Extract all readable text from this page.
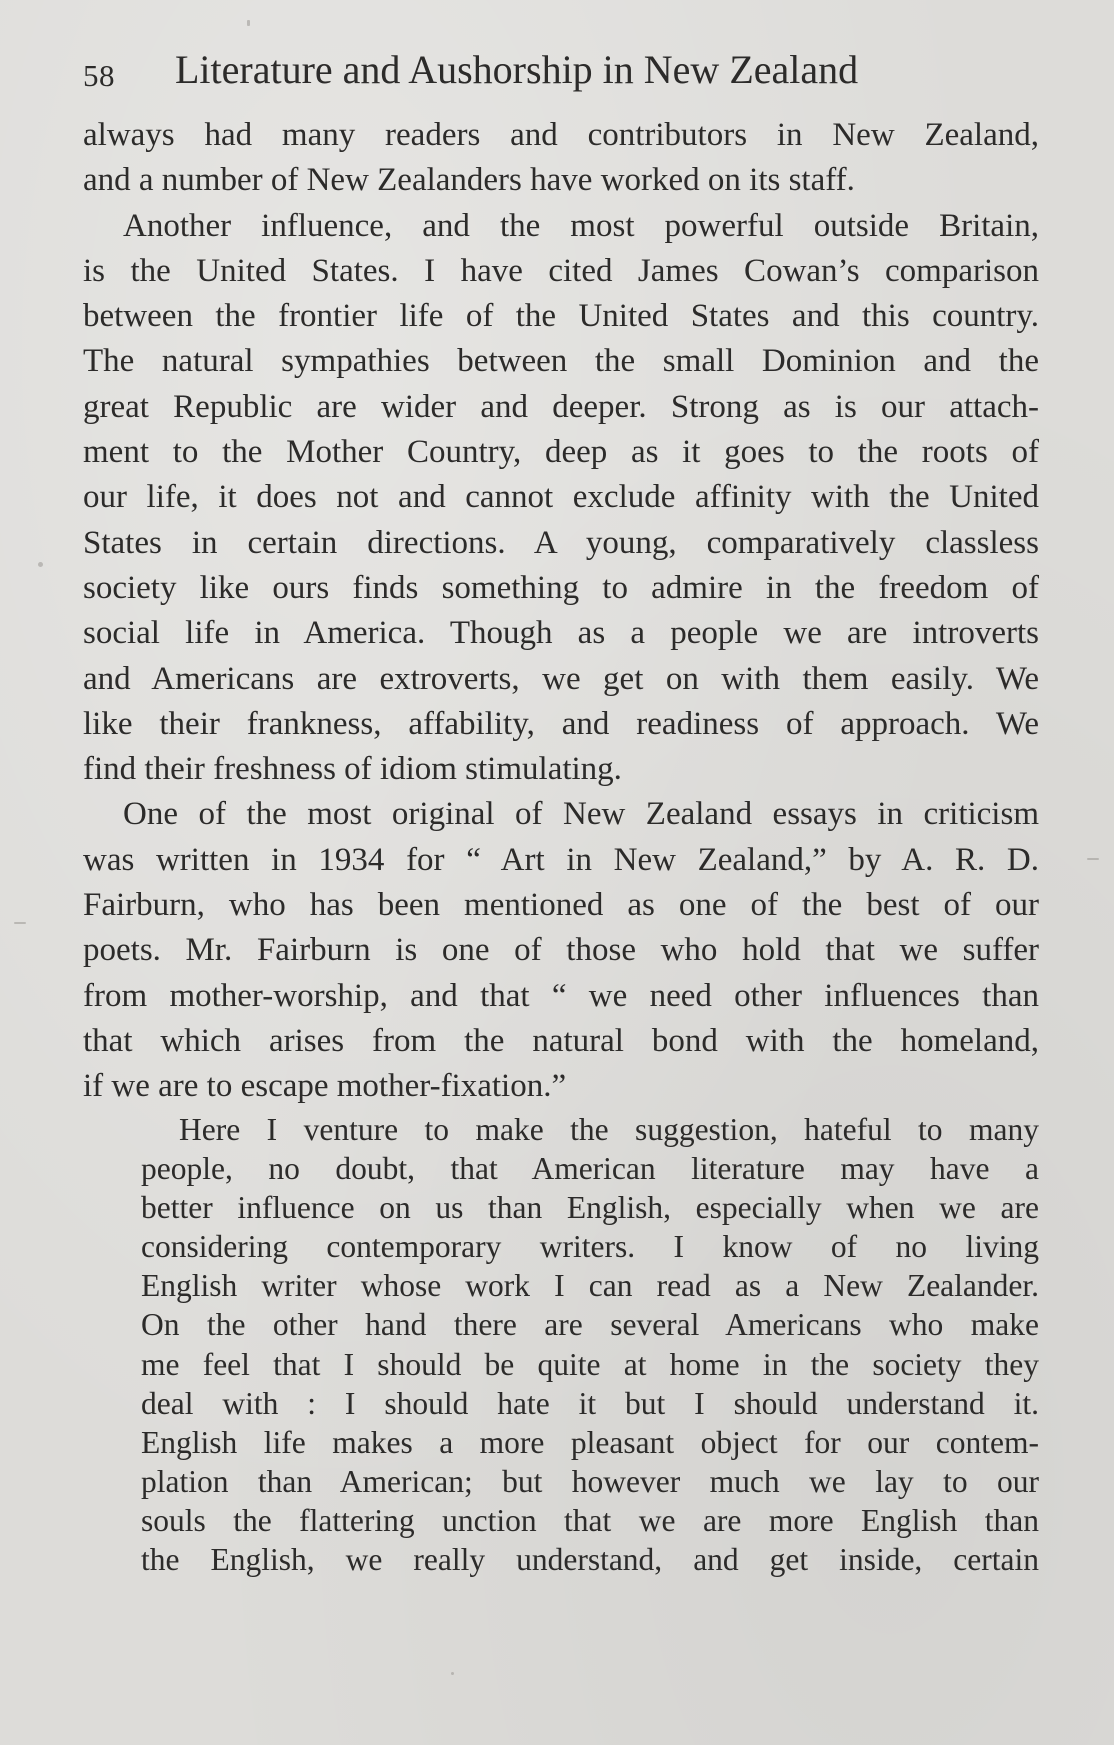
58 Literature and Aushorship in New Zealand
always had many readers and contributors in New Zealand,
and a number of New Zealanders have worked on its staff.
Another influence, and the most powerful outside Britain,
is the United States. I have cited James Cowan’s comparison
between the frontier life of the United States and this country.
The natural sympathies between the small Dominion and the
great Republic are wider and deeper. Strong as is our attach-
ment to the Mother Country, deep as it goes to the roots of
our life, it does not and cannot exclude affinity with the United
States in certain directions. A young, comparatively classless
society like ours finds something to admire in the freedom of
social life in America. Though as a people we are introverts
and Americans are extroverts, we get on with them easily. We
like their frankness, affability, and readiness of approach. We
find their freshness of idiom stimulating.
One of the most original of New Zealand essays in criticism
was written in 1934 for “ Art in New Zealand,” by A. R. D.
Fairburn, who has been mentioned as one of the best of our
poets. Mr. Fairburn is one of those who hold that we suffer
from mother-worship, and that “ we need other influences than
that which arises from the natural bond with the homeland,
if we are to escape mother-fixation.”
Here I venture to make the suggestion, hateful to many
people, no doubt, that American literature may have a
better influence on us than English, especially when we are
considering contemporary writers. I know of no living
English writer whose work I can read as a New Zealander.
On the other hand there are several Americans who make
me feel that I should be quite at home in the society they
deal with : I should hate it but I should understand it.
English life makes a more pleasant object for our contem-
plation than American; but however much we lay to our
souls the flattering unction that we are more English than
the English, we really understand, and get inside, certain
